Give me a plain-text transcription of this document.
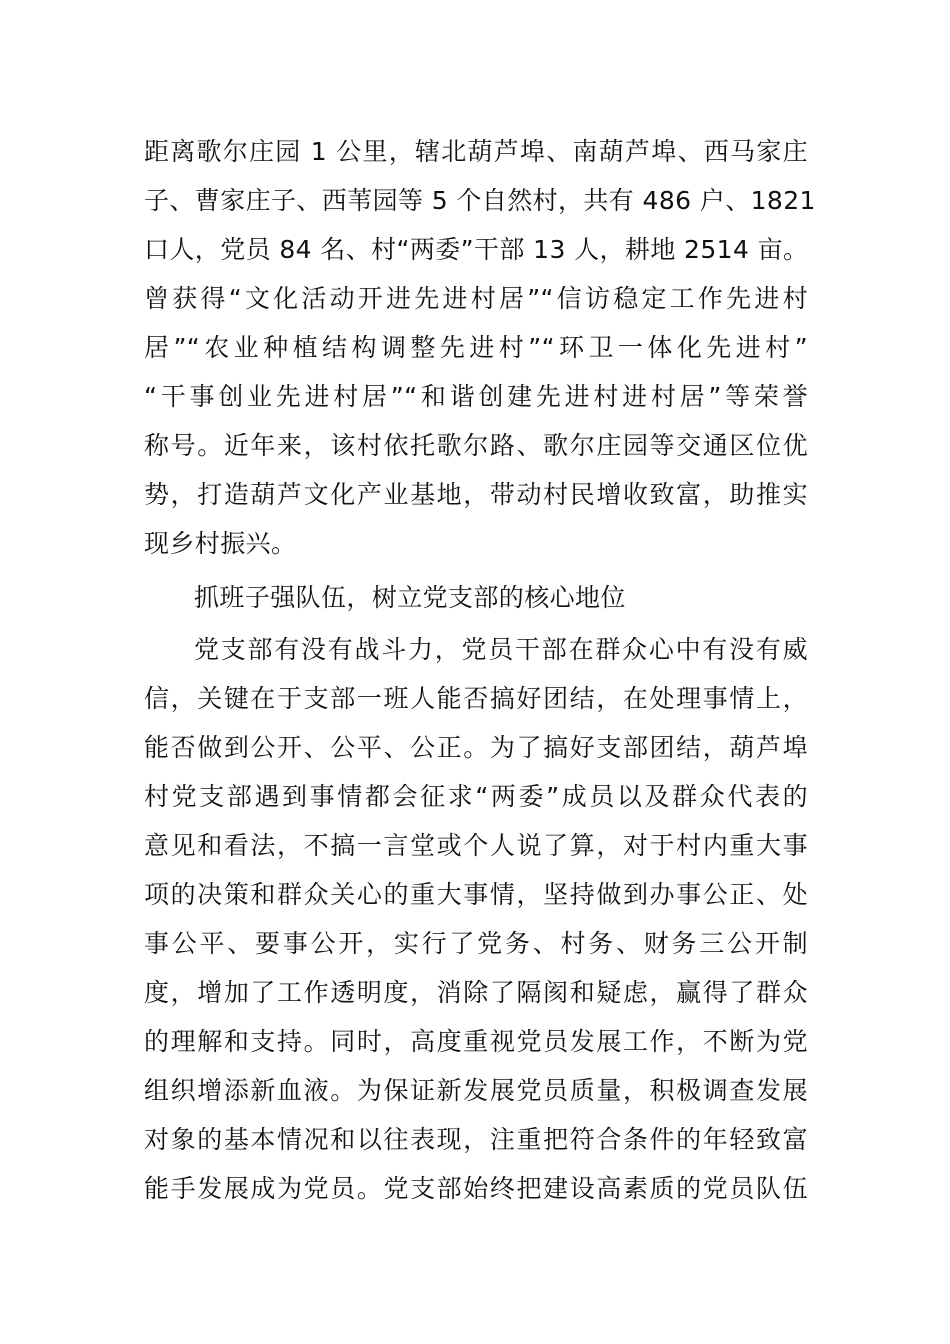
距离歌尔庄园 1 公里，辖北葫芦埠、南葫芦埠、西马家庄
子、曹家庄子、西苇园等 5 个自然村，共有 486 户、1821
口人，党员 84 名、村“两委”干部 13 人，耕地 2514 亩。
曾获得“文化活动开进先进村居”“信访稳定工作先进村
居”“农业种植结构调整先进村”“环卫一体化先进村”
“干事创业先进村居”“和谐创建先进村进村居”等荣誉
称号。近年来，该村依托歌尔路、歌尔庄园等交通区位优
势，打造葫芦文化产业基地，带动村民增收致富，助推实
现乡村振兴。
抓班子强队伍，树立党支部的核心地位
党支部有没有战斗力，党员干部在群众心中有没有威
信，关键在于支部一班人能否搞好团结，在处理事情上，
能否做到公开、公平、公正。为了搞好支部团结，葫芦埠
村党支部遇到事情都会征求“两委”成员以及群众代表的
意见和看法，不搞一言堂或个人说了算，对于村内重大事
项的决策和群众关心的重大事情，坚持做到办事公正、处
事公平、要事公开，实行了党务、村务、财务三公开制
度，增加了工作透明度，消除了隔阂和疑虑，赢得了群众
的理解和支持。同时，高度重视党员发展工作，不断为党
组织增添新血液。为保证新发展党员质量，积极调查发展
对象的基本情况和以往表现，注重把符合条件的年轻致富
能手发展成为党员。党支部始终把建设高素质的党员队伍
